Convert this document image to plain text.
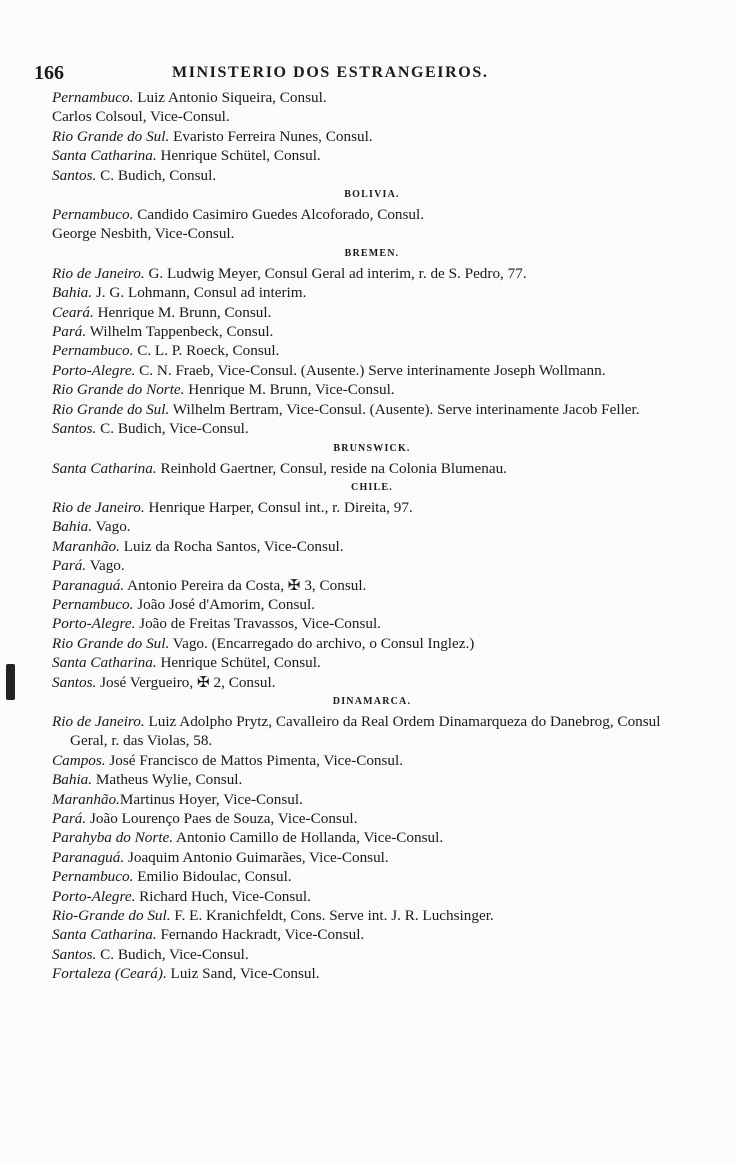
166	MINISTERIO DOS ESTRANGEIROS.
Pernambuco. Luiz Antonio Siqueira, Consul.
Carlos Colsoul, Vice-Consul.
Rio Grande do Sul. Evaristo Ferreira Nunes, Consul.
Santa Catharina. Henrique Schütel, Consul.
Santos. C. Budich, Consul.
BOLIVIA.
Pernambuco. Candido Casimiro Guedes Alcoforado, Consul.
George Nesbith, Vice-Consul.
BREMEN.
Rio de Janeiro. G. Ludwig Meyer, Consul Geral ad interim, r. de S. Pedro, 77.
Bahia. J. G. Lohmann, Consul ad interim.
Ceará. Henrique M. Brunn, Consul.
Pará. Wilhelm Tappenbeck, Consul.
Pernambuco. C. L. P. Roeck, Consul.
Porto-Alegre. C. N. Fraeb, Vice-Consul. (Ausente.) Serve interinamente Joseph Wollmann.
Rio Grande do Norte. Henrique M. Brunn, Vice-Consul.
Rio Grande do Sul. Wilhelm Bertram, Vice-Consul. (Ausente). Serve interinamente Jacob Feller.
Santos. C. Budich, Vice-Consul.
BRUNSWICK.
Santa Catharina. Reinhold Gaertner, Consul, reside na Colonia Blumenau.
CHILE.
Rio de Janeiro. Henrique Harper, Consul int., r. Direita, 97.
Bahia. Vago.
Maranhão. Luiz da Rocha Santos, Vice-Consul.
Pará. Vago.
Paranaguá. Antonio Pereira da Costa, ✠ 3, Consul.
Pernambuco. João José d'Amorim, Consul.
Porto-Alegre. João de Freitas Travassos, Vice-Consul.
Rio Grande do Sul. Vago. (Encarregado do archivo, o Consul Inglez.)
Santa Catharina. Henrique Schütel, Consul.
Santos. José Vergueiro, ✠ 2, Consul.
DINAMARCA.
Rio de Janeiro. Luiz Adolpho Prytz, Cavalleiro da Real Ordem Dinamarqueza do Danebrog, Consul Geral, r. das Violas, 58.
Campos. José Francisco de Mattos Pimenta, Vice-Consul.
Bahia. Matheus Wylie, Consul.
Maranhão.Martinus Hoyer, Vice-Consul.
Pará. João Lourenço Paes de Souza, Vice-Consul.
Parahyba do Norte. Antonio Camillo de Hollanda, Vice-Consul.
Paranaguá. Joaquim Antonio Guimarães, Vice-Consul.
Pernambuco. Emilio Bidoulac, Consul.
Porto-Alegre. Richard Huch, Vice-Consul.
Rio-Grande do Sul. F. E. Kranichfeldt, Cons. Serve int. J. R. Luchsinger.
Santa Catharina. Fernando Hackradt, Vice-Consul.
Santos. C. Budich, Vice-Consul.
Fortaleza (Ceará). Luiz Sand, Vice-Consul.
